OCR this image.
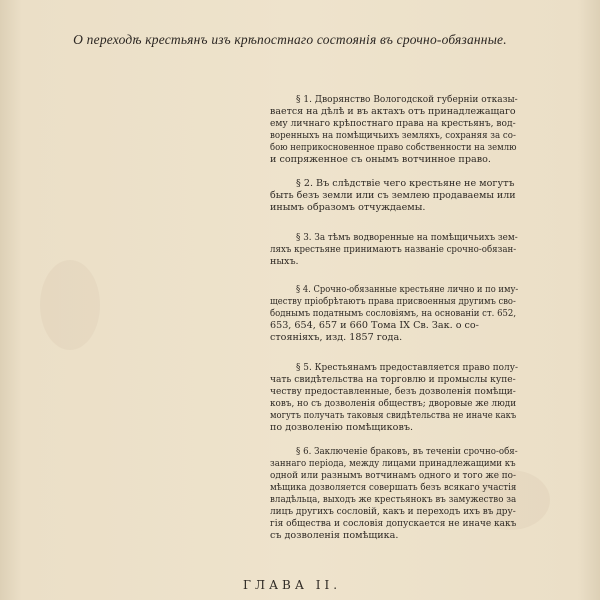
О переходѣ крестьянъ изъ крѣпостнаго состоянія въ срочно-обязанные.
§ 1. Дворянство Вологодской губернiи отказы-
вается на дѣлѣ и въ актахъ отъ принадлежащаго
ему личнаго крѣпостнаго права на крестьянъ, вод-
воренныхъ на помѣщичьихъ земляхъ, сохраняя за со-
бою неприкосновенное право собственности на землю
и сопряженное съ онымъ вотчинное право.
§ 2. Въ слѣдствiе чего крестьяне не могутъ
быть безъ земли или съ землею продаваемы или
инымъ образомъ отчуждаемы.
§ 3. За тѣмъ водворенные на помѣщичьихъ зем-
ляхъ крестьяне принимаютъ названiе срочно-обязан-
ныхъ.
§ 4. Срочно-обязанные крестьяне лично и по иму-
ществу прiобрѣтаютъ права присвоенныя другимъ сво-
боднымъ податнымъ сословiямъ, на основанiи ст. 652,
653, 654, 657 и 660 Тома IX Св. Зак. о со-
стоянiяхъ, изд. 1857 года.
§ 5. Крестьянамъ предоставляется право полу-
чать свидѣтельства на торговлю и промыслы купе-
честву предоставленные, безъ дозволенiя помѣщи-
ковъ, но съ дозволенiя обществъ; дворовые же люди
могутъ получать таковыя свидѣтельства не иначе какъ
по дозволенiю помѣщиковъ.
§ 6. Заключенiе браковъ, въ теченiи срочно-обя-
заннаго перiода, между лицами принадлежащими къ
одной или разнымъ вотчинамъ одного и того же по-
мѣщика дозволяется совершать безъ всякаго участiя
владѣльца, выходъ же крестьянокъ въ замужество за
лицъ другихъ сословiй, какъ и переходъ ихъ въ дру-
гiя общества и сословiя допускается не иначе какъ
съ дозволенiя помѣщика.
ГЛАВА II.
